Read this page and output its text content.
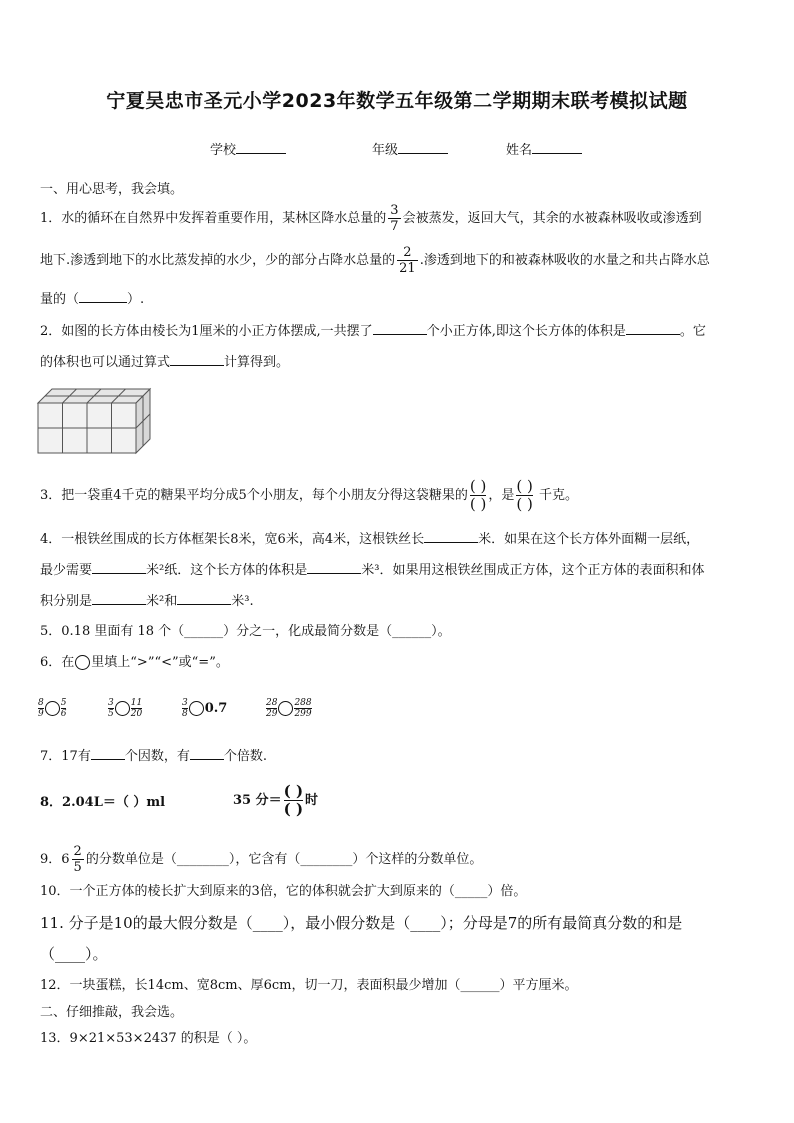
宁夏吴忠市圣元小学2023年数学五年级第二学期期末联考模拟试题
学校	年级	姓名
一、用心思考，我会填。
1．水的循环在自然界中发挥着重要作用，某林区降水总量的 $\frac{3}{7}$ 会被蒸发，返回大气，其余的水被森林吸收或渗透到
地下.渗透到地下的水比蒸发掉的水少，少的部分占降水总量的 $\frac{2}{21}$ .渗透到地下的和被森林吸收的水量之和共占降水总
量的（	）.
2．如图的长方体由棱长为1厘米的小正方体摆成,一共摆了	个小正方体,即这个长方体的体积是	。它
的体积也可以通过算式	计算得到。
3．把一袋重4千克的糖果平均分成5个小朋友，每个小朋友分得这袋糖果的 $\frac{( )}{( )}$ ，是 $\frac{( )}{( )}$ 千克。
4．一根铁丝围成的长方体框架长8米，宽6米，高4米，这根铁丝长	米．如果在这个长方体外面糊一层纸，
最少需要	米²纸．这个长方体的体积是	米³．如果用这根铁丝围成正方体，这个正方体的表面积和体
积分别是	米²和	米³.
5．0.18 里面有 18 个（______）分之一，化成最简分数是（______）。
6．在 里填上“>”“<”或“=”。
$\frac{8}{9} \frac{5}{6}$	$\frac{3}{5} \frac{11}{20}$	$\frac{3}{8} 0.7$	$\frac{28}{29} \frac{288}{299}$
7．17有	个因数，有	个倍数.
8．2.04L＝（ ）ml	35 分＝ $\frac{( )}{( )}$ 时
9．$6 \frac{2}{5}$ 的分数单位是（________），它含有（________）个这样的分数单位。
10．一个正方体的棱长扩大到原来的3倍，它的体积就会扩大到原来的（_____）倍。
11. 分子是10的最大假分数是（____），最小假分数是（____）；分母是7的所有最简真分数的和是
（____）。
12．一块蛋糕，长14cm、宽8cm、厚6cm，切一刀，表面积最少增加（______）平方厘米。
二、仔细推敲，我会选。
13．9×21×53×2437 的积是（ ）。
